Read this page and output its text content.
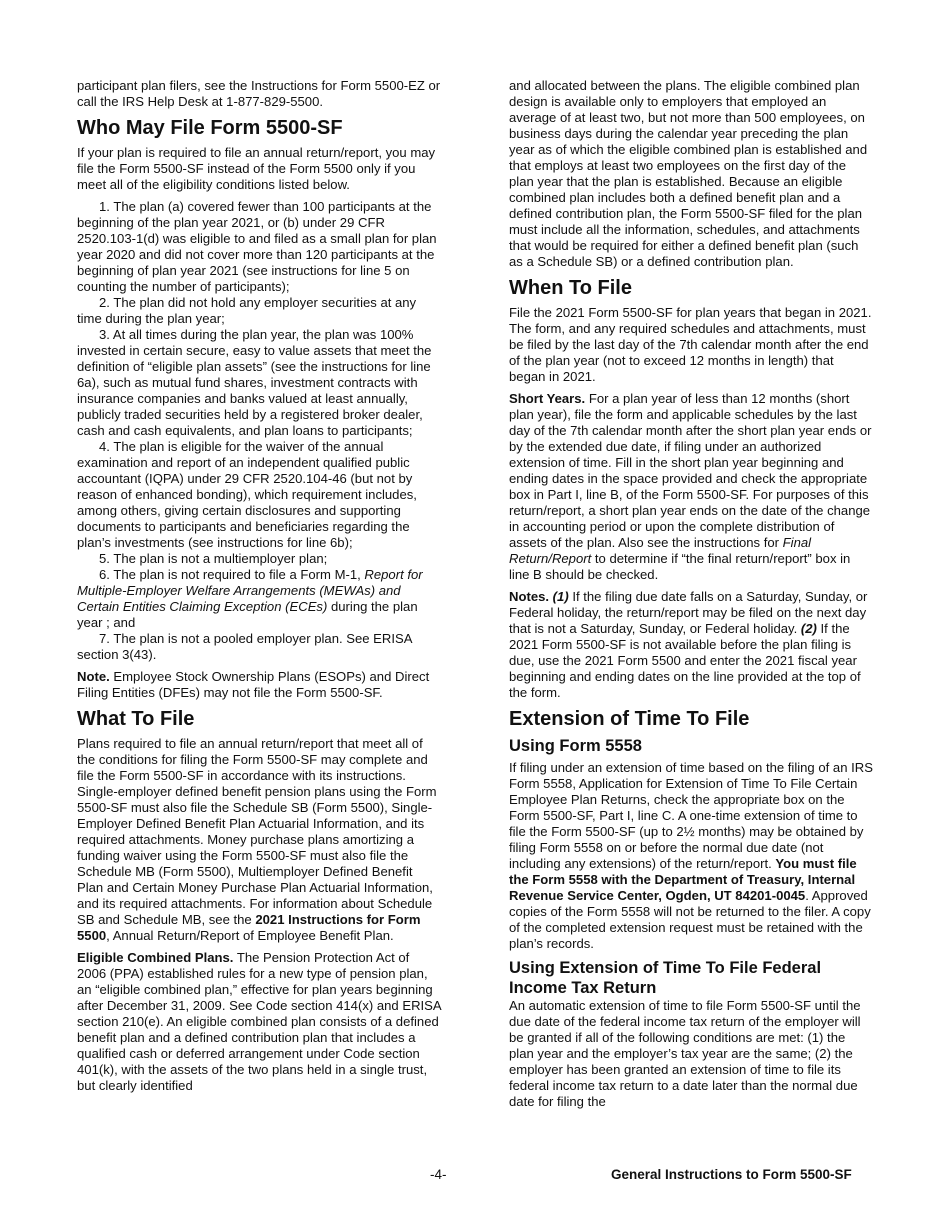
participant plan filers, see the Instructions for Form 5500-EZ or call the IRS Help Desk at 1-877-829-5500.

Who May File Form 5500-SF

If your plan is required to file an annual return/report, you may file the Form 5500-SF instead of the Form 5500 only if you meet all of the eligibility conditions listed below.

1. The plan (a) covered fewer than 100 participants at the beginning of the plan year 2021, or (b) under 29 CFR 2520.103-1(d) was eligible to and filed as a small plan for plan year 2020 and did not cover more than 120 participants at the beginning of plan year 2021 (see instructions for line 5 on counting the number of participants);
2. The plan did not hold any employer securities at any time during the plan year;
3. At all times during the plan year, the plan was 100% invested in certain secure, easy to value assets that meet the definition of “eligible plan assets” (see the instructions for line 6a), such as mutual fund shares, investment contracts with insurance companies and banks valued at least annually, publicly traded securities held by a registered broker dealer, cash and cash equivalents, and plan loans to participants;
4. The plan is eligible for the waiver of the annual examination and report of an independent qualified public accountant (IQPA) under 29 CFR 2520.104-46 (but not by reason of enhanced bonding), which requirement includes, among others, giving certain disclosures and supporting documents to participants and beneficiaries regarding the plan’s investments (see instructions for line 6b);
5. The plan is not a multiemployer plan;
6. The plan is not required to file a Form M-1, Report for Multiple-Employer Welfare Arrangements (MEWAs) and Certain Entities Claiming Exception (ECEs) during the plan year ; and

7. The plan is not a pooled employer plan. See ERISA section 3(43).

Note. Employee Stock Ownership Plans (ESOPs) and Direct Filing Entities (DFEs) may not file the Form 5500-SF.

What To File

Plans required to file an annual return/report that meet all of the conditions for filing the Form 5500-SF may complete and file the Form 5500-SF in accordance with its instructions. Single-employer defined benefit pension plans using the Form 5500-SF must also file the Schedule SB (Form 5500), Single-Employer Defined Benefit Plan Actuarial Information, and its required attachments. Money purchase plans amortizing a funding waiver using the Form 5500-SF must also file the Schedule MB (Form 5500), Multiemployer Defined Benefit Plan and Certain Money Purchase Plan Actuarial Information, and its required attachments. For information about Schedule SB and Schedule MB, see the 2021 Instructions for Form 5500, Annual Return/Report of Employee Benefit Plan.

Eligible Combined Plans. The Pension Protection Act of 2006 (PPA) established rules for a new type of pension plan, an “eligible combined plan,” effective for plan years beginning after December 31, 2009. See Code section 414(x) and ERISA section 210(e). An eligible combined plan consists of a defined benefit plan and a defined contribution plan that includes a qualified cash or deferred arrangement under Code section 401(k), with the assets of the two plans held in a single trust, but clearly identified

and allocated between the plans. The eligible combined plan design is available only to employers that employed an average of at least two, but not more than 500 employees, on business days during the calendar year preceding the plan year as of which the eligible combined plan is established and that employs at least two employees on the first day of the plan year that the plan is established. Because an eligible combined plan includes both a defined benefit plan and a defined contribution plan, the Form 5500-SF filed for the plan must include all the information, schedules, and attachments that would be required for either a defined benefit plan (such as a Schedule SB) or a defined contribution plan.

When To File

File the 2021 Form 5500-SF for plan years that began in 2021. The form, and any required schedules and attachments, must be filed by the last day of the 7th calendar month after the end of the plan year (not to exceed 12 months in length) that began in 2021.

Short Years. For a plan year of less than 12 months (short plan year), file the form and applicable schedules by the last day of the 7th calendar month after the short plan year ends or by the extended due date, if filing under an authorized extension of time. Fill in the short plan year beginning and ending dates in the space provided and check the appropriate box in Part I, line B, of the Form 5500-SF. For purposes of this return/report, a short plan year ends on the date of the change in accounting period or upon the complete distribution of assets of the plan. Also see the instructions for Final Return/Report to determine if “the final return/report” box in line B should be checked.

Notes. (1) If the filing due date falls on a Saturday, Sunday, or Federal holiday, the return/report may be filed on the next day that is not a Saturday, Sunday, or Federal holiday. (2) If the 2021 Form 5500-SF is not available before the plan filing is due, use the 2021 Form 5500 and enter the 2021 fiscal year beginning and ending dates on the line provided at the top of the form.

Extension of Time To File
Using Form 5558

If filing under an extension of time based on the filing of an IRS Form 5558, Application for Extension of Time To File Certain Employee Plan Returns, check the appropriate box on the Form 5500-SF, Part I, line C. A one-time extension of time to file the Form 5500-SF (up to 2½ months) may be obtained by filing Form 5558 on or before the normal due date (not including any extensions) of the return/report. You must file the Form 5558 with the Department of Treasury, Internal Revenue Service Center, Ogden, UT 84201-0045. Approved copies of the Form 5558 will not be returned to the filer. A copy of the completed extension request must be retained with the plan’s records.

Using Extension of Time To File Federal Income Tax Return

An automatic extension of time to file Form 5500-SF until the due date of the federal income tax return of the employer will be granted if all of the following conditions are met: (1) the plan year and the employer’s tax year are the same; (2) the employer has been granted an extension of time to file its federal income tax return to a date later than the normal due date for filing the

-4-	General Instructions to Form 5500-SF
